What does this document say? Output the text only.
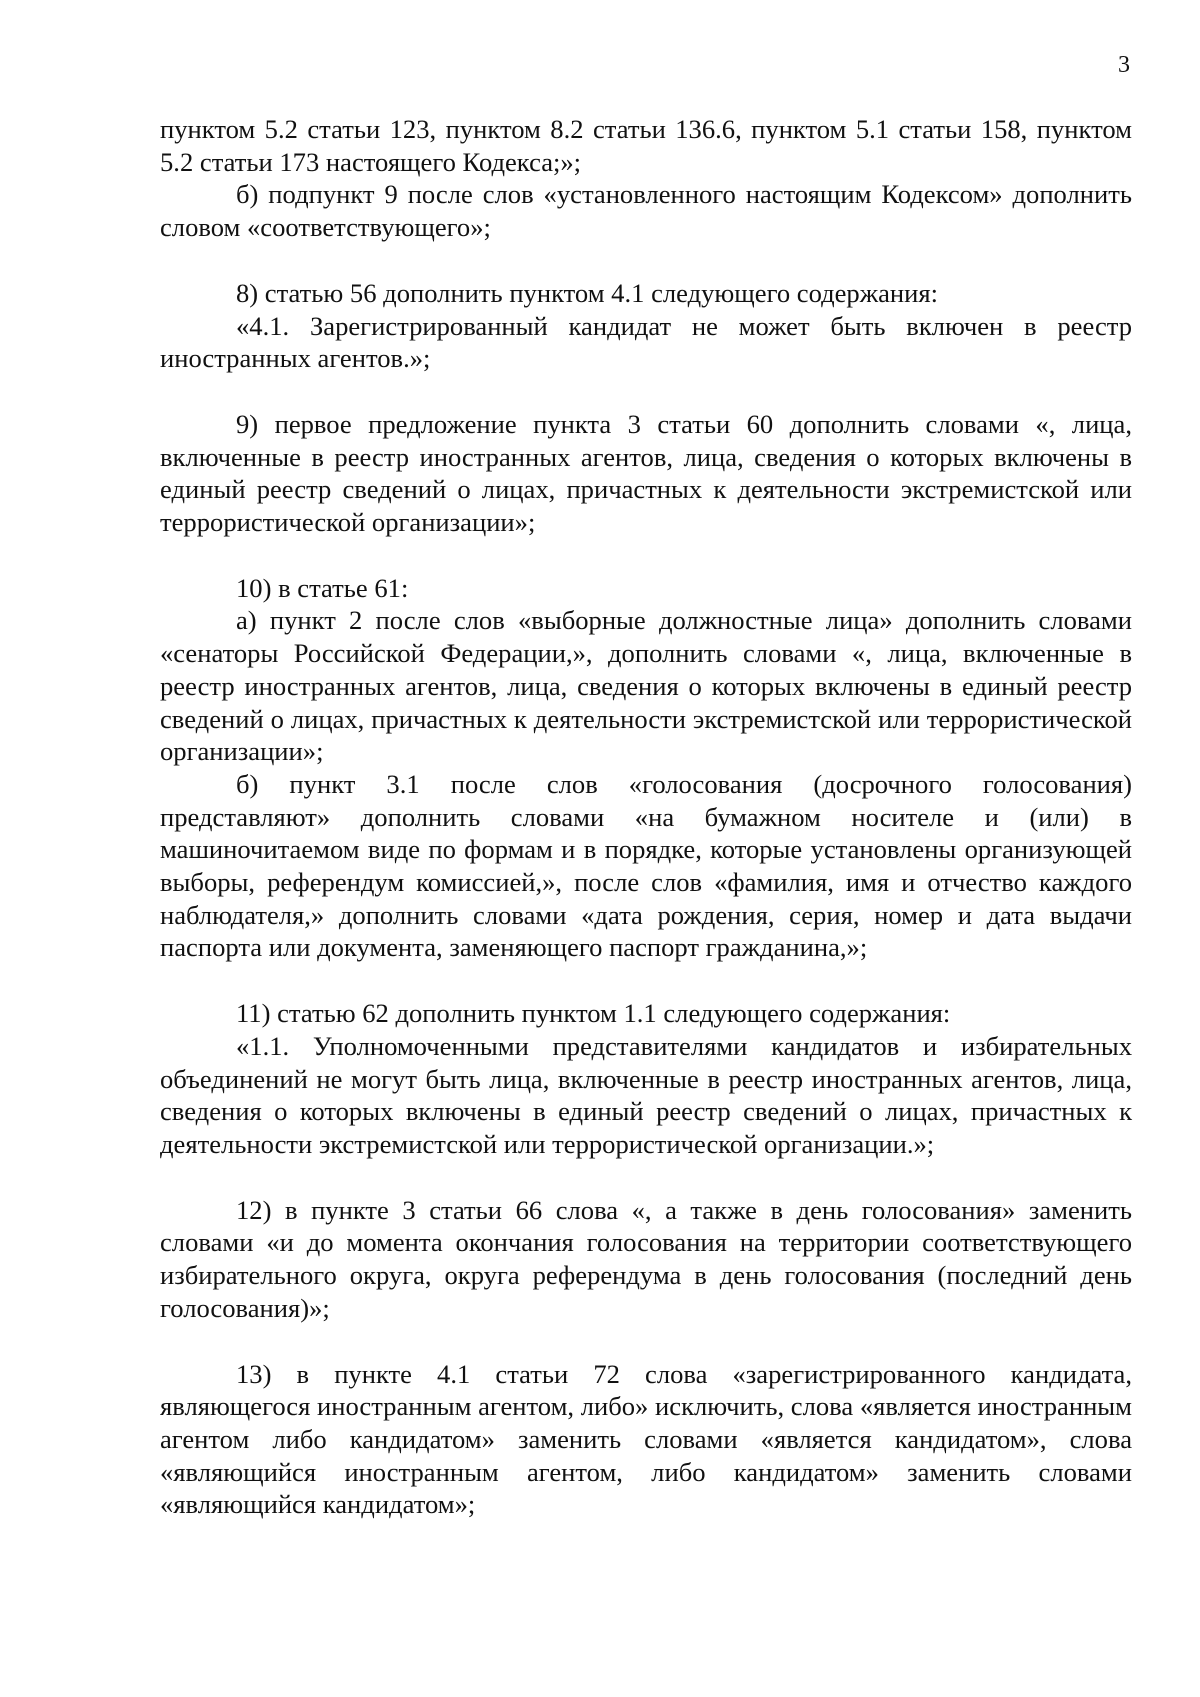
3

пунктом 5.2 статьи 123, пунктом 8.2 статьи 136.6, пунктом 5.1 статьи 158, пунктом 5.2 статьи 173 настоящего Кодекса;»;

б) подпункт 9 после слов «установленного настоящим Кодексом» дополнить словом «соответствующего»;

8) статью 56 дополнить пунктом 4.1 следующего содержания:

«4.1. Зарегистрированный кандидат не может быть включен в реестр иностранных агентов.»;

9) первое предложение пункта 3 статьи 60 дополнить словами «, лица, включенные в реестр иностранных агентов, лица, сведения о которых включены в единый реестр сведений о лицах, причастных к деятельности экстремистской или террористической организации»;

10) в статье 61:

а) пункт 2 после слов «выборные должностные лица» дополнить словами «сенаторы Российской Федерации,», дополнить словами «, лица, включенные в реестр иностранных агентов, лица, сведения о которых включены в единый реестр сведений о лицах, причастных к деятельности экстремистской или террористической организации»;

б) пункт 3.1 после слов «голосования (досрочного голосования) представляют» дополнить словами «на бумажном носителе и (или) в машиночитаемом виде по формам и в порядке, которые установлены организующей выборы, референдум комиссией,», после слов «фамилия, имя и отчество каждого наблюдателя,» дополнить словами «дата рождения, серия, номер и дата выдачи паспорта или документа, заменяющего паспорт гражданина,»;

11) статью 62 дополнить пунктом 1.1 следующего содержания:

«1.1. Уполномоченными представителями кандидатов и избирательных объединений не могут быть лица, включенные в реестр иностранных агентов, лица, сведения о которых включены в единый реестр сведений о лицах, причастных к деятельности экстремистской или террористической организации.»;

12) в пункте 3 статьи 66 слова «, а также в день голосования» заменить словами «и до момента окончания голосования на территории соответствующего избирательного округа, округа референдума в день голосования (последний день голосования)»;

13) в пункте 4.1 статьи 72 слова «зарегистрированного кандидата, являющегося иностранным агентом, либо» исключить, слова «является иностранным агентом либо кандидатом» заменить словами «является кандидатом», слова «являющийся иностранным агентом, либо кандидатом» заменить словами «являющийся кандидатом»;
